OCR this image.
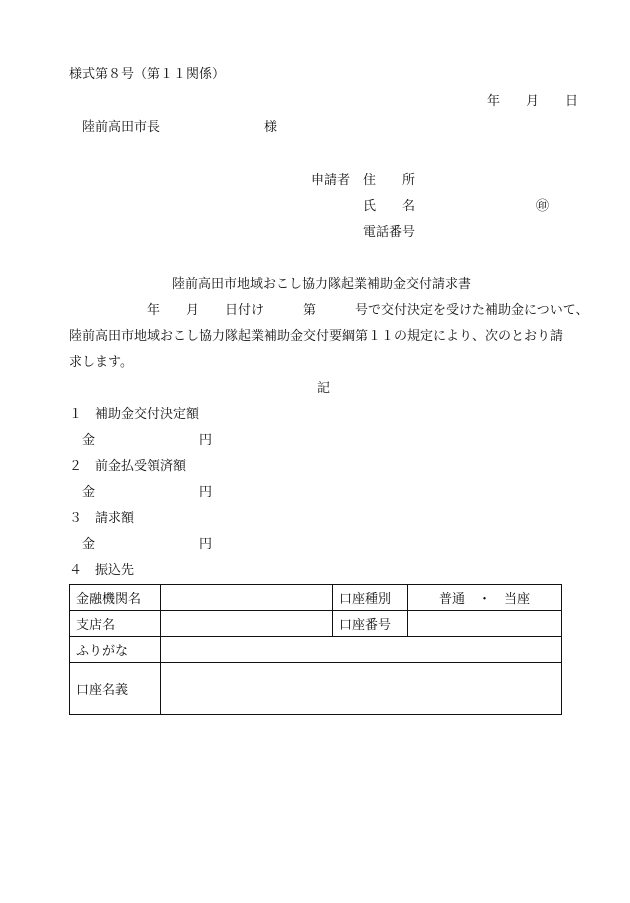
様式第８号（第１１関係）
年　　月　　日
陸前高田市長　　　　　　　　様
申請者 住　　所
氏　　名	㊞
電話番号
陸前高田市地域おこし協力隊起業補助金交付請求書
　　　　　　年　　月　　日付け　　　第　　　号で交付決定を受けた補助金について、
陸前高田市地域おこし協力隊起業補助金交付要綱第１１の規定により、次のとおり請
求します。
記
１　補助金交付決定額
　金　　　　　　　　円
２　前金払受領済額
　金　　　　　　　　円
３　請求額
　金　　　　　　　　円
４　振込先
金融機関名		口座種別	普通　・　当座
支店名		口座番号	
ふりがな			
口座名義			
